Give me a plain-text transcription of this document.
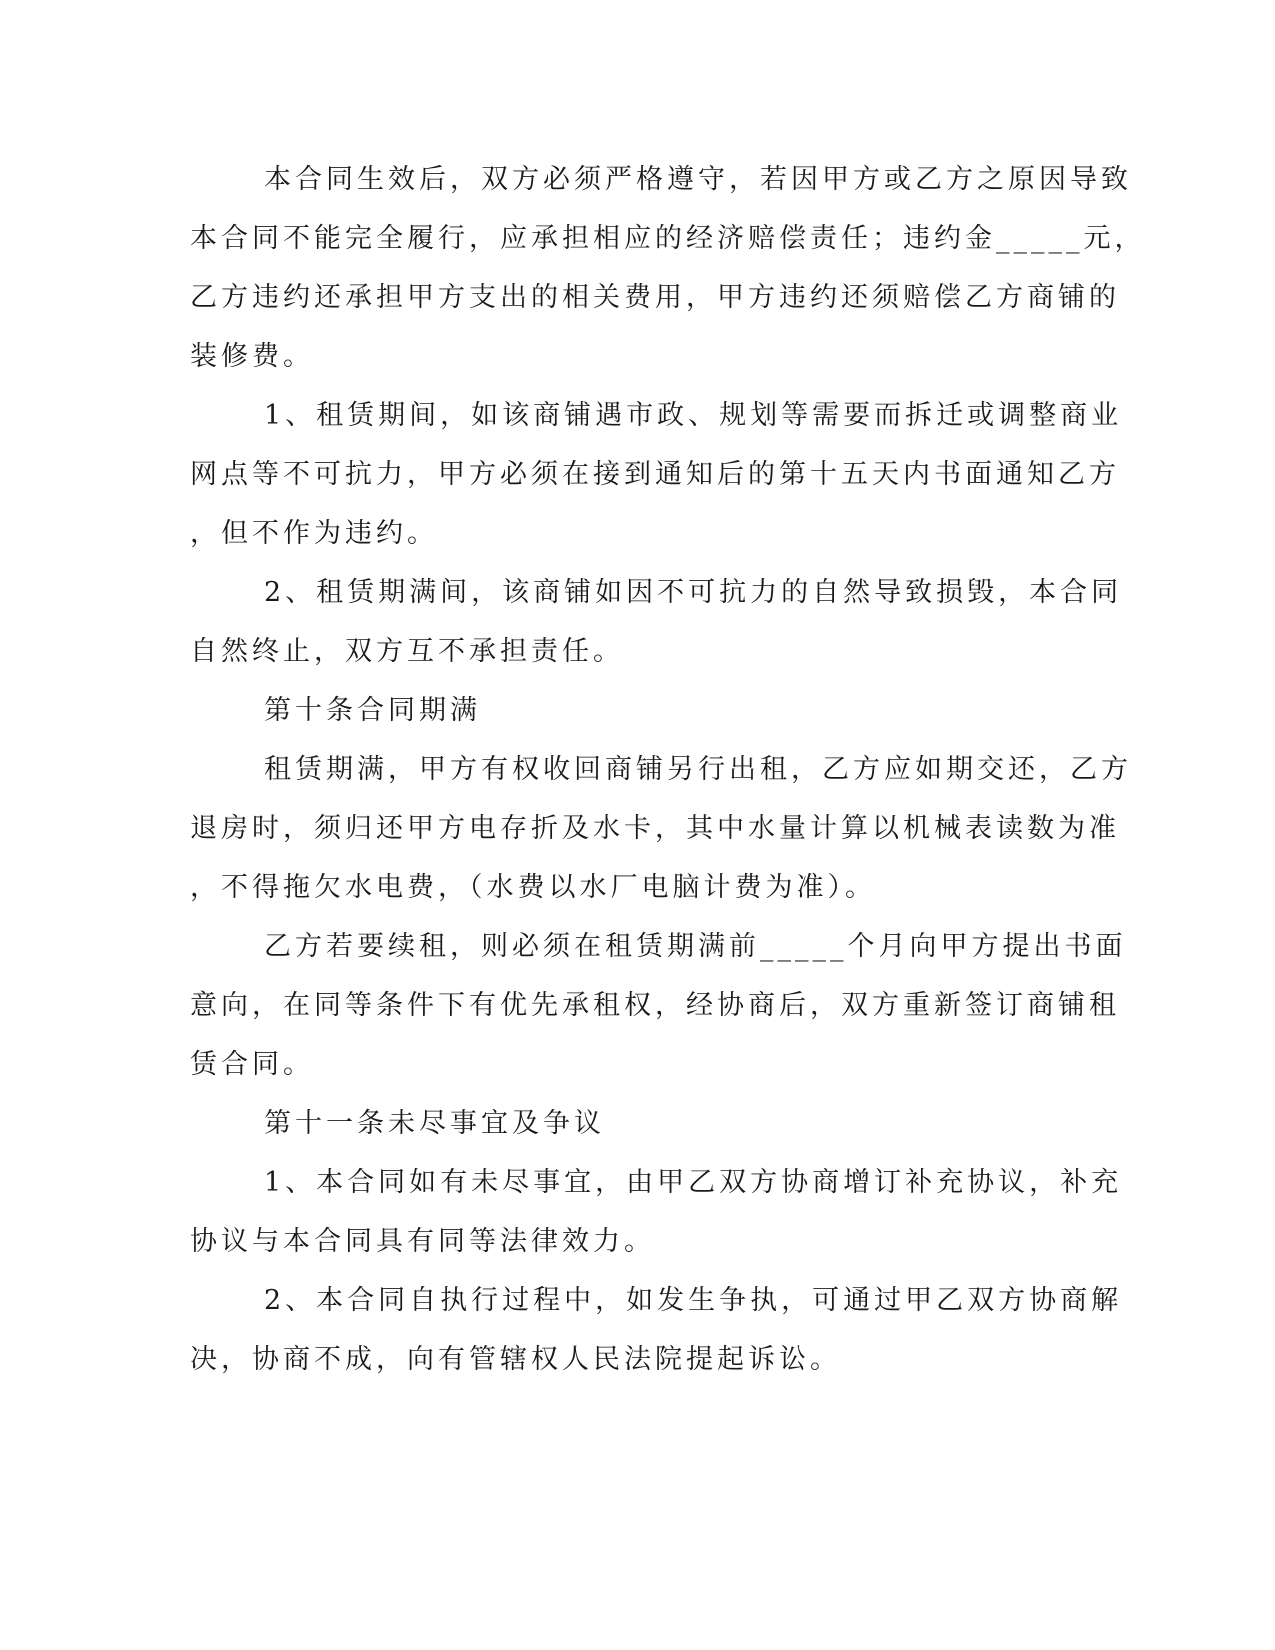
本合同生效后，双方必须严格遵守，若因甲方或乙方之原因导致
本合同不能完全履行，应承担相应的经济赔偿责任；违约金_____元，
乙方违约还承担甲方支出的相关费用，甲方违约还须赔偿乙方商铺的
装修费。
1、租赁期间，如该商铺遇市政、规划等需要而拆迁或调整商业
网点等不可抗力，甲方必须在接到通知后的第十五天内书面通知乙方
，但不作为违约。
2、租赁期满间，该商铺如因不可抗力的自然导致损毁，本合同
自然终止，双方互不承担责任。
第十条合同期满
租赁期满，甲方有权收回商铺另行出租，乙方应如期交还，乙方
退房时，须归还甲方电存折及水卡，其中水量计算以机械表读数为准
，不得拖欠水电费，（水费以水厂电脑计费为准）。
乙方若要续租，则必须在租赁期满前_____个月向甲方提出书面
意向，在同等条件下有优先承租权，经协商后，双方重新签订商铺租
赁合同。
第十一条未尽事宜及争议
1、本合同如有未尽事宜，由甲乙双方协商增订补充协议，补充
协议与本合同具有同等法律效力。
2、本合同自执行过程中，如发生争执，可通过甲乙双方协商解
决，协商不成，向有管辖权人民法院提起诉讼。
